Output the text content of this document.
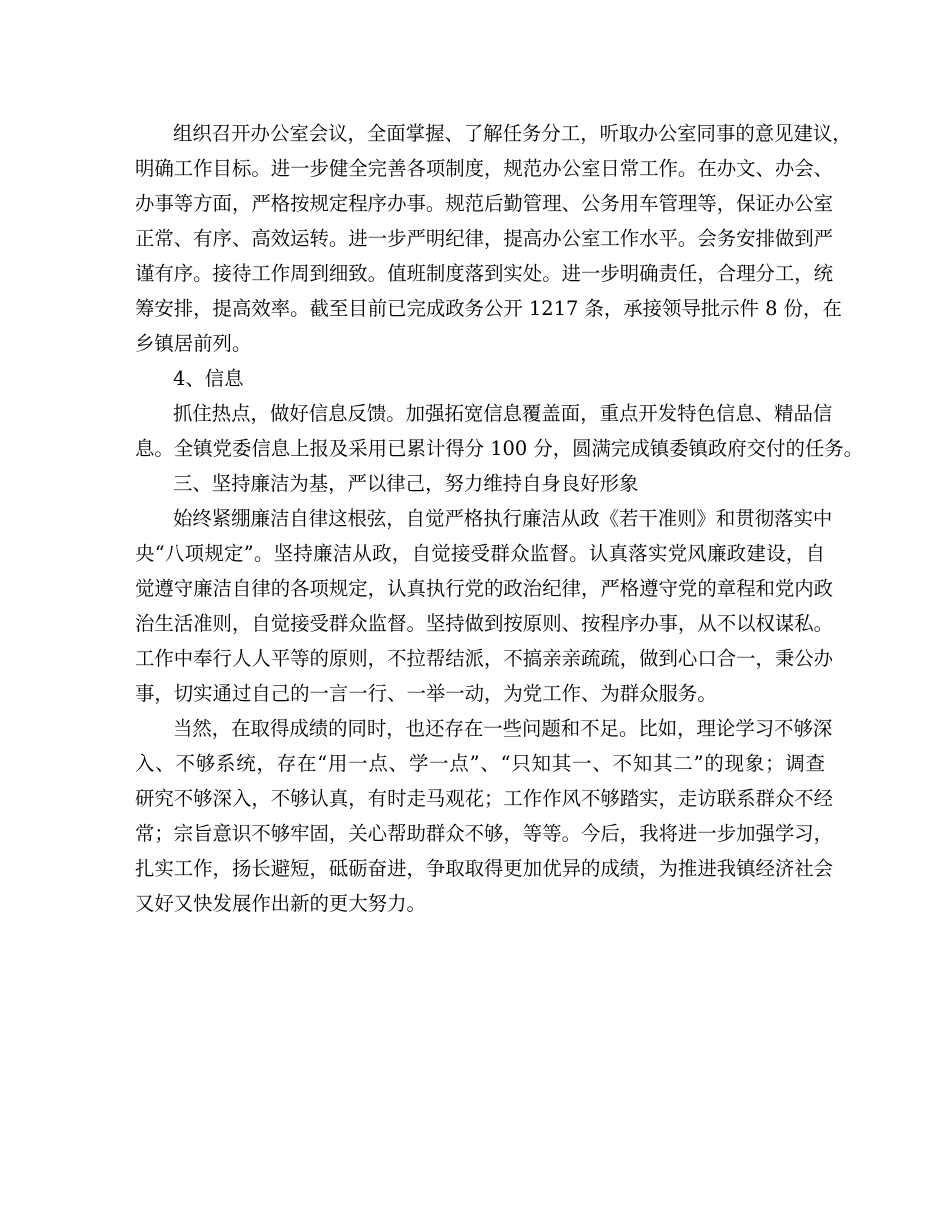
组织召开办公室会议，全面掌握、了解任务分工，听取办公室同事的意见建议，
明确工作目标。进一步健全完善各项制度，规范办公室日常工作。在办文、办会、
办事等方面，严格按规定程序办事。规范后勤管理、公务用车管理等，保证办公室
正常、有序、高效运转。进一步严明纪律，提高办公室工作水平。会务安排做到严
谨有序。接待工作周到细致。值班制度落到实处。进一步明确责任，合理分工，统
筹安排，提高效率。截至目前已完成政务公开 1217 条，承接领导批示件 8 份，在
乡镇居前列。
4、信息
抓住热点，做好信息反馈。加强拓宽信息覆盖面，重点开发特色信息、精品信
息。全镇党委信息上报及采用已累计得分 100 分，圆满完成镇委镇政府交付的任务。
三、坚持廉洁为基，严以律己，努力维持自身良好形象
始终紧绷廉洁自律这根弦，自觉严格执行廉洁从政《若干准则》和贯彻落实中
央“八项规定”。坚持廉洁从政，自觉接受群众监督。认真落实党风廉政建设，自
觉遵守廉洁自律的各项规定，认真执行党的政治纪律，严格遵守党的章程和党内政
治生活准则，自觉接受群众监督。坚持做到按原则、按程序办事，从不以权谋私。
工作中奉行人人平等的原则，不拉帮结派，不搞亲亲疏疏，做到心口合一，秉公办
事，切实通过自己的一言一行、一举一动，为党工作、为群众服务。
当然，在取得成绩的同时，也还存在一些问题和不足。比如，理论学习不够深
入、不够系统，存在“用一点、学一点”、“只知其一、不知其二”的现象；调查
研究不够深入，不够认真，有时走马观花；工作作风不够踏实，走访联系群众不经
常；宗旨意识不够牢固，关心帮助群众不够，等等。今后，我将进一步加强学习，
扎实工作，扬长避短，砥砺奋进，争取取得更加优异的成绩，为推进我镇经济社会
又好又快发展作出新的更大努力。
